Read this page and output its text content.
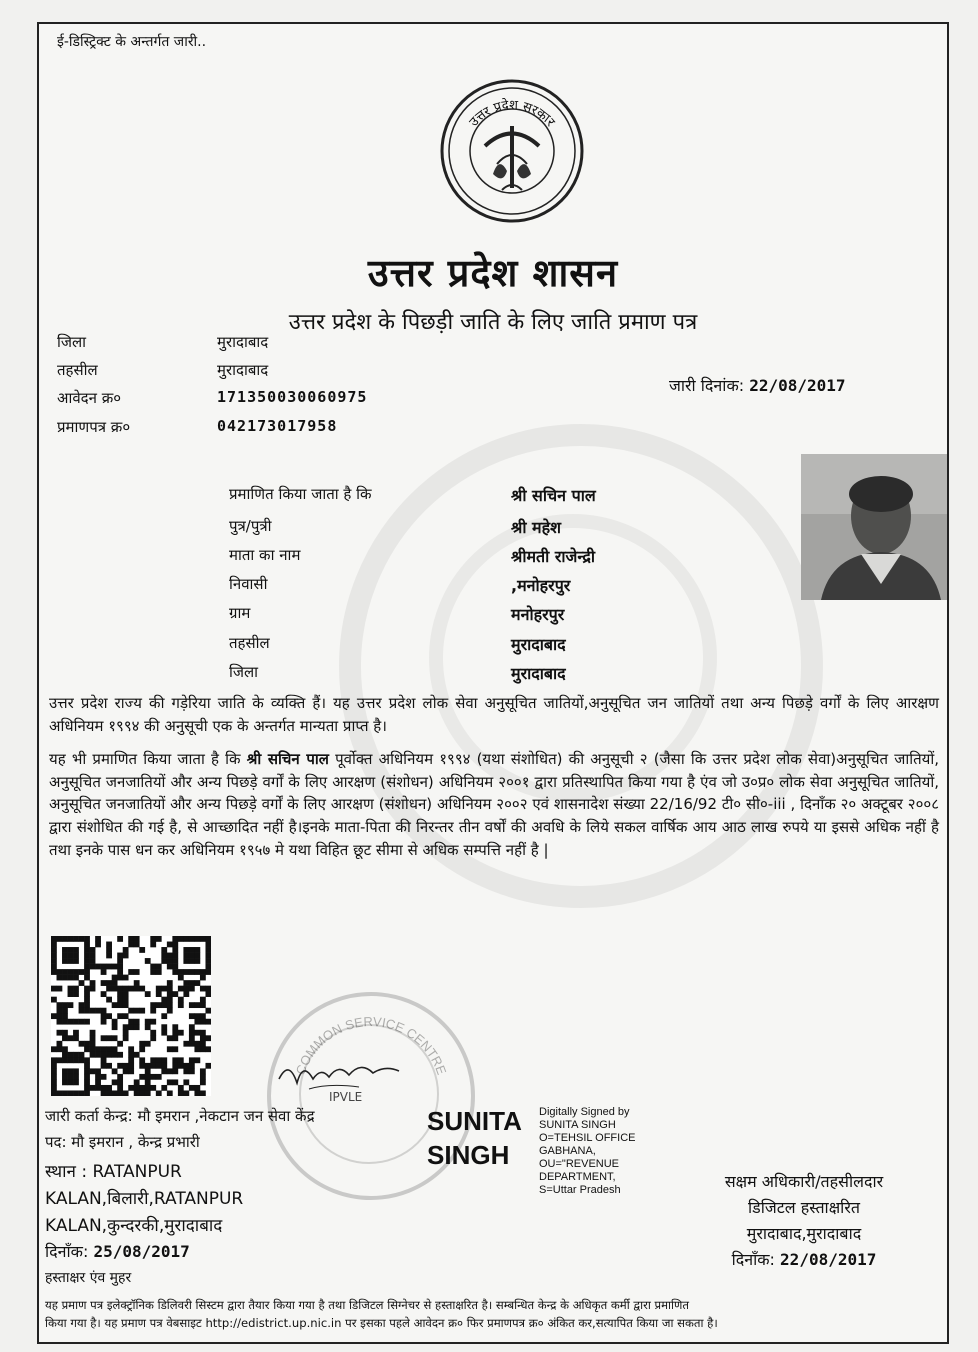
ई-डिस्ट्रिक्ट के अन्तर्गत जारी..
उत्तर प्रदेश सरकार
उत्तर प्रदेश शासन
उत्तर प्रदेश के पिछड़ी जाति के लिए जाति प्रमाण पत्र
जिला	मुरादाबाद
तहसील	मुरादाबाद
आवेदन क्र०	171350030060975
प्रमाणपत्र क्र०	042173017958
जारी दिनांक: 22/08/2017
प्रमाणित किया जाता है कि	श्री सचिन पाल
पुत्र/पुत्री	श्री महेश
माता का नाम	श्रीमती राजेन्द्री
निवासी	,मनोहरपुर
ग्राम	मनोहरपुर
तहसील	मुरादाबाद
जिला	मुरादाबाद
उत्तर प्रदेश राज्य की गड़ेरिया जाति के व्यक्ति हैं। यह उत्तर प्रदेश लोक सेवा अनुसूचित जातियों,अनुसूचित जन जातियों तथा अन्य पिछड़े वर्गों के लिए आरक्षण अधिनियम १९९४ की अनुसूची एक के अन्तर्गत मान्यता प्राप्त है।
यह भी प्रमाणित किया जाता है कि श्री सचिन पाल पूर्वोक्त अधिनियम १९९४ (यथा संशोधित) की अनुसूची २ (जैसा कि उत्तर प्रदेश लोक सेवा)अनुसूचित जातियों, अनुसूचित जनजातियों और अन्य पिछड़े वर्गों के लिए आरक्षण (संशोधन) अधिनियम २००१ द्वारा प्रतिस्थापित किया गया है एंव जो उ०प्र० लोक सेवा अनुसूचित जातियों, अनुसूचित जनजातियों और अन्य पिछड़े वर्गों के लिए आरक्षण (संशोधन) अधिनियम २००२ एवं शासनादेश संख्या 22/16/92 टी० सी०-iii , दिनाँक २० अक्टूबर २००८ द्वारा संशोधित की गई है, से आच्छादित नहीं है।इनके माता-पिता की निरन्तर तीन वर्षों की अवधि के लिये सकल वार्षिक आय आठ लाख रुपये या इससे अधिक नहीं है तथा इनके पास धन कर अधिनियम १९५७ मे यथा विहित छूट सीमा से अधिक सम्पत्ति नहीं है |
COMMON SERVICE CENTRE
IPVLE
जारी कर्ता केन्द्र: मौ इमरान ,नेकटान जन सेवा केंद्र
पद: मौ इमरान , केन्द्र प्रभारी
स्थान : RATANPUR
KALAN,बिलारी,RATANPUR
KALAN,कुन्दरकी,मुरादाबाद
दिनाँक: 25/08/2017
हस्ताक्षर एंव मुहर
SUNITA
SINGH
Digitally Signed by
SUNITA SINGH
O=TEHSIL OFFICE
GABHANA,
OU="REVENUE
DEPARTMENT,
S=Uttar Pradesh	सक्षम अधिकारी/तहसीलदार
डिजिटल हस्ताक्षरित
मुरादाबाद,मुरादाबाद
दिनाँक: 22/08/2017
यह प्रमाण पत्र इलेक्ट्रॉनिक डिलिवरी सिस्टम द्वारा तैयार किया गया है तथा डिजिटल सिग्नेचर से हस्ताक्षरित है। सम्बन्धित केन्द्र के अधिकृत कर्मी द्वारा प्रमाणित
किया गया है। यह प्रमाण पत्र वेबसाइट http://edistrict.up.nic.in पर इसका पहले आवेदन क्र० फिर प्रमाणपत्र क्र० अंकित कर,सत्यापित किया जा सकता है।
